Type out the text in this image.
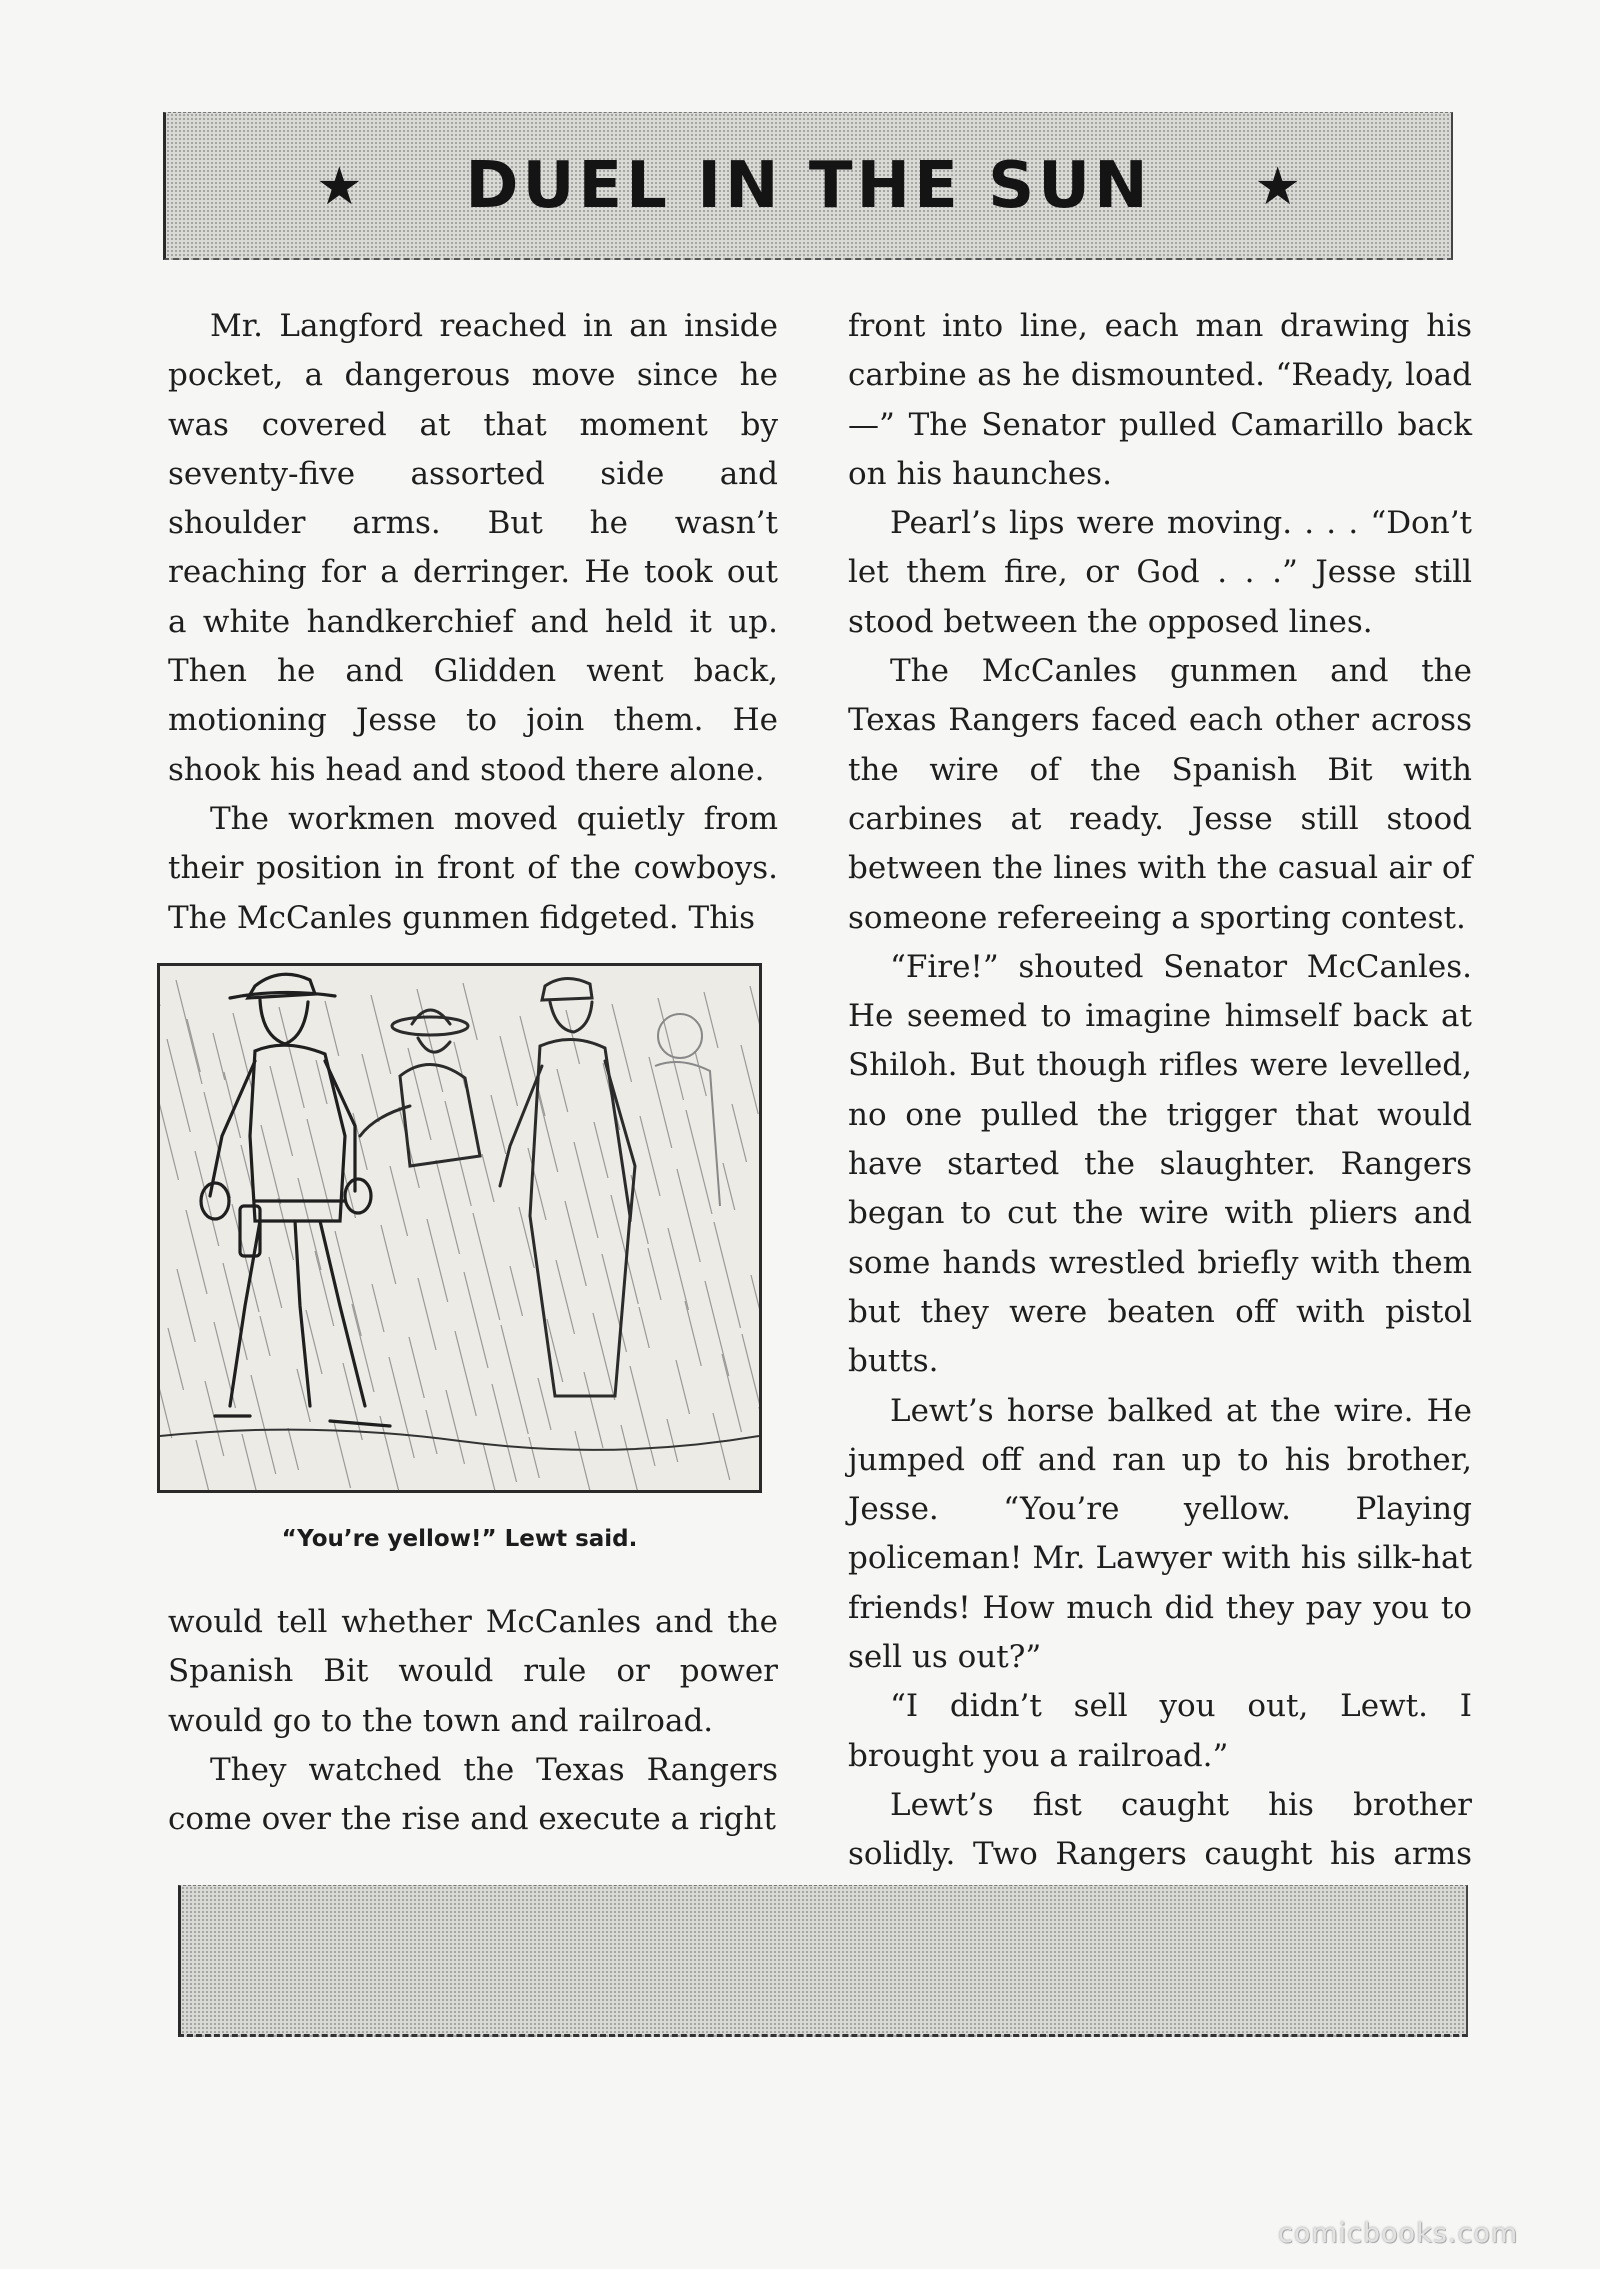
★ DUEL IN THE SUN ★

Mr. Langford reached in an inside pocket, a dangerous move since he was covered at that moment by seventy-five assorted side and shoulder arms. But he wasn’t reaching for a derringer. He took out a white handkerchief and held it up. Then he and Glidden went back, motioning Jesse to join them. He shook his head and stood there alone.

The workmen moved quietly from their position in front of the cowboys. The McCanles gunmen fidgeted. This

“You’re yellow!” Lewt said.

would tell whether McCanles and the Spanish Bit would rule or power would go to the town and railroad.

They watched the Texas Rangers come over the rise and execute a right

front into line, each man drawing his carbine as he dismounted. “Ready, load—” The Senator pulled Camarillo back on his haunches.

Pearl’s lips were moving. . . . “Don’t let them fire, or God . . .” Jesse still stood between the opposed lines.

The McCanles gunmen and the Texas Rangers faced each other across the wire of the Spanish Bit with carbines at ready. Jesse still stood between the lines with the casual air of someone refereeing a sporting contest.

“Fire!” shouted Senator McCanles. He seemed to imagine himself back at Shiloh. But though rifles were levelled, no one pulled the trigger that would have started the slaughter. Rangers began to cut the wire with pliers and some hands wrestled briefly with them but they were beaten off with pistol butts.

Lewt’s horse balked at the wire. He jumped off and ran up to his brother, Jesse. “You’re yellow. Playing policeman! Mr. Lawyer with his silk-hat friends! How much did they pay you to sell us out?”

“I didn’t sell you out, Lewt. I brought you a railroad.”

Lewt’s fist caught his brother solidly. Two Rangers caught his arms

comicbooks.com
